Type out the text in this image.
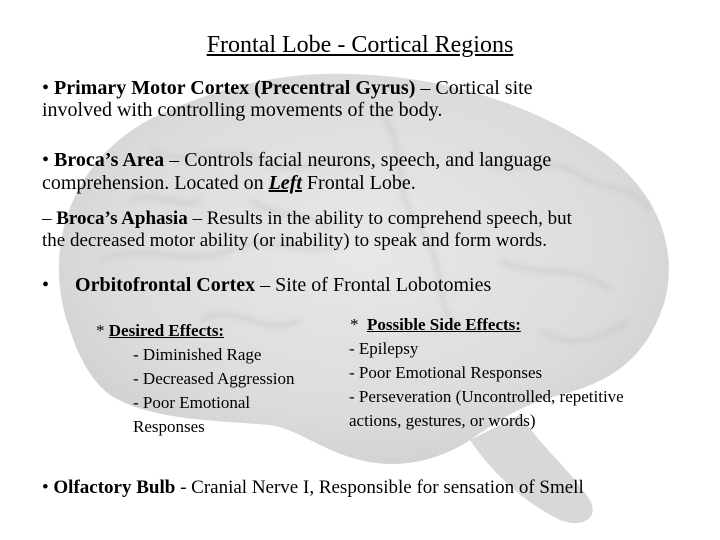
Frontal Lobe - Cortical Regions
• Primary Motor Cortex (Precentral Gyrus) – Cortical site
involved with controlling movements of the body.
• Broca’s Area – Controls facial neurons, speech, and language
comprehension. Located on Left Frontal Lobe.
– Broca’s Aphasia – Results in the ability to comprehend speech, but
the decreased motor ability (or inability) to speak and form words.
• Orbitofrontal Cortex – Site of Frontal Lobotomies
* Desired Effects:
- Diminished Rage
- Decreased Aggression
- Poor Emotional
Responses
* Possible Side Effects:
- Epilepsy
- Poor Emotional Responses
- Perseveration (Uncontrolled, repetitive
actions, gestures, or words)
• Olfactory Bulb - Cranial Nerve I, Responsible for sensation of Smell
